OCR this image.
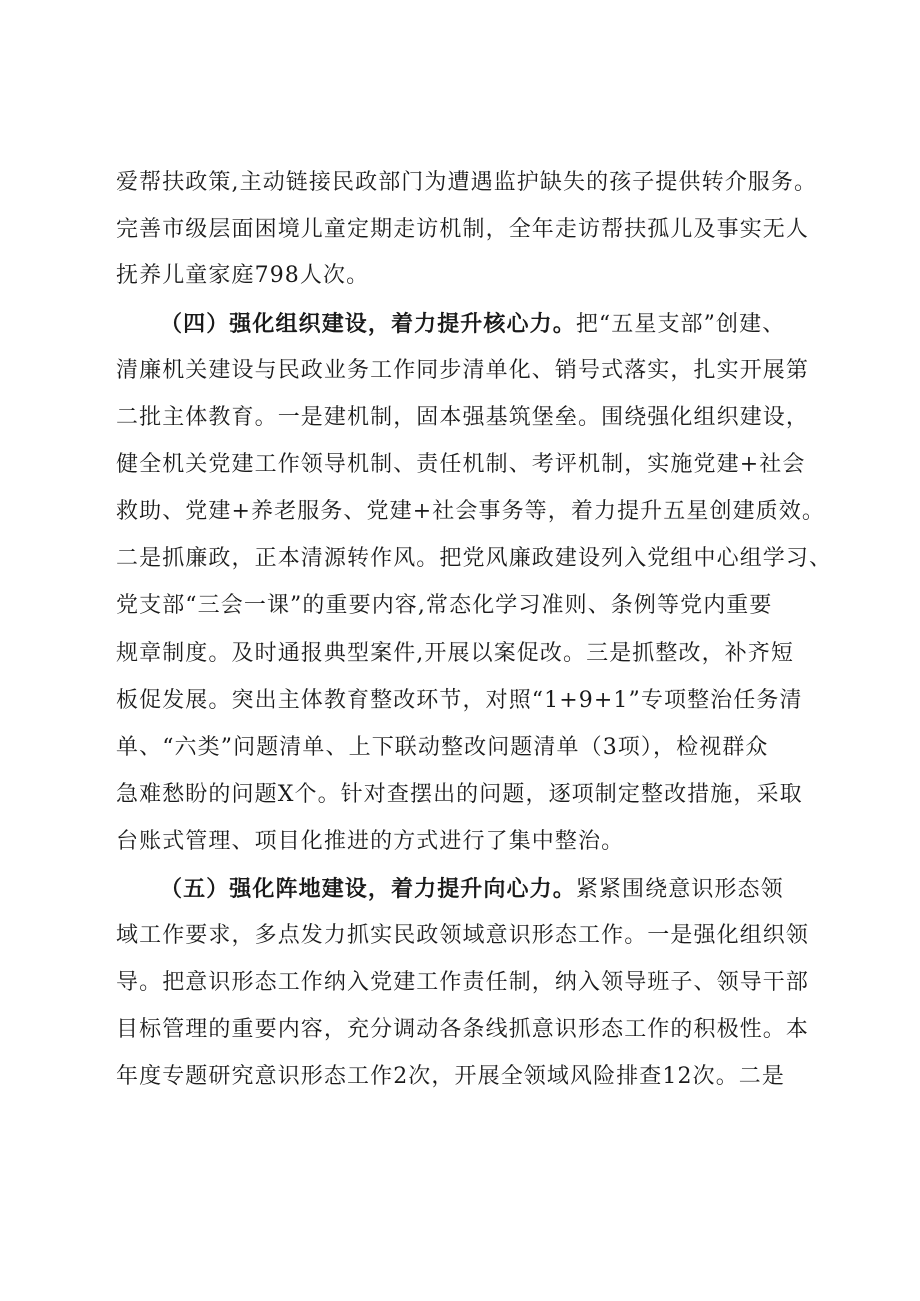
爱帮扶政策,主动链接民政部门为遭遇监护缺失的孩子提供转介服务。
完善市级层面困境儿童定期走访机制，全年走访帮扶孤儿及事实无人
抚养儿童家庭798人次。
（四）强化组织建设，着力提升核心力。把“五星支部”创建、
清廉机关建设与民政业务工作同步清单化、销号式落实，扎实开展第
二批主体教育。一是建机制，固本强基筑堡垒。围绕强化组织建设，
健全机关党建工作领导机制、责任机制、考评机制，实施党建+社会
救助、党建+养老服务、党建+社会事务等，着力提升五星创建质效。
二是抓廉政，正本清源转作风。把党风廉政建设列入党组中心组学习、
党支部“三会一课”的重要内容,常态化学习准则、条例等党内重要
规章制度。及时通报典型案件,开展以案促改。三是抓整改，补齐短
板促发展。突出主体教育整改环节，对照“1+9+1”专项整治任务清
单、“六类”问题清单、上下联动整改问题清单（3项），检视群众
急难愁盼的问题X个。针对查摆出的问题，逐项制定整改措施，采取
台账式管理、项目化推进的方式进行了集中整治。
（五）强化阵地建设，着力提升向心力。紧紧围绕意识形态领
域工作要求，多点发力抓实民政领域意识形态工作。一是强化组织领
导。把意识形态工作纳入党建工作责任制，纳入领导班子、领导干部
目标管理的重要内容，充分调动各条线抓意识形态工作的积极性。本
年度专题研究意识形态工作2次，开展全领域风险排查12次。二是
